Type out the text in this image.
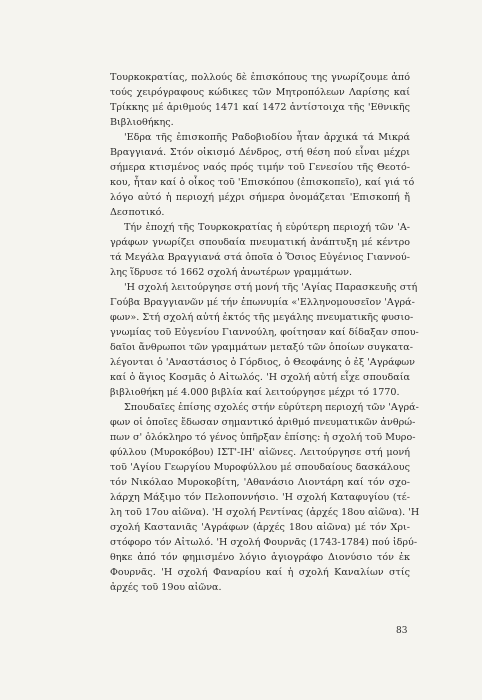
Τουρκοκρατίας, πολλούς δὲ ἐπισκόπους της γνωρίζουμε ἀπό
τούς χειρόγραφους κώδικες τῶν Μητροπόλεων Λαρίσης καί
Τρίκκης μέ ἀριθμούς 1471 καί 1472 ἀντίστοιχα τῆς 'Εθνικῆς
Βιβλιοθήκης.

'Εδρα τῆς ἐπισκοπῆς Ραδοβιοδίου ἦταν ἀρχικά τά Μικρά
Βραγγιανά. Στόν οἰκισμό Δένδρος, στή θέση πού εἶναι μέχρι
σήμερα κτισμένος ναός πρός τιμήν τοῦ Γενεσίου τῆς Θεοτό-
κου, ἦταν καί ὁ οἶκος τοῦ 'Επισκόπου (ἐπισκοπεῖο), καί γιά τό
λόγο αὐτό ἡ περιοχή μέχρι σήμερα ὀνομάζεται 'Επισκοπή ἤ
Δεσποτικό.

Τήν ἐποχή τῆς Τουρκοκρατίας ἡ εὐρύτερη περιοχή τῶν 'Α-
γράφων γνωρίζει σπουδαία πνευματική ἀνάπτυξη μέ κέντρο
τά Μεγάλα Βραγγιανά στά ὁποῖα ὁ Ὅσιος Εὐγένιος Γιαννού-
λης ἵδρυσε τό 1662 σχολή ἀνωτέρων γραμμάτων.

'Η σχολή λειτούργησε στή μονή τῆς 'Αγίας Παρασκευῆς στή
Γούβα Βραγγιανῶν μέ τήν ἐπωνυμία «'Ελληνομουσεῖον 'Αγρά-
φων». Στή σχολή αὐτή ἐκτός τῆς μεγάλης πνευματικῆς φυσιο-
γνωμίας τοῦ Εὐγενίου Γιαννούλη, φοίτησαν καί δίδαξαν σπου-
δαῖοι ἄνθρωποι τῶν γραμμάτων μεταξύ τῶν ὁποίων συγκατα-
λέγονται ὁ 'Αναστάσιος ὁ Γόρδιος, ὁ Θεοφάνης ὁ ἐξ 'Αγράφων
καί ὁ ἅγιος Κοσμᾶς ὁ Αἰτωλός. 'Η σχολή αὐτή εἶχε σπουδαία
βιβλιοθήκη μέ 4.000 βιβλία καί λειτούργησε μέχρι τό 1770.

Σπουδαῖες ἐπίσης σχολές στήν εὐρύτερη περιοχή τῶν 'Αγρά-
φων οἱ ὁποῖες ἔδωσαν σημαντικό ἀριθμό πνευματικῶν ἀνθρώ-
πων σ' ὁλόκληρο τό γένος ὑπῆρξαν ἐπίσης: ἡ σχολή τοῦ Μυρο-
φύλλου (Μυροκόβου) ΙΣΤ'-ΙΗ' αἰῶνες. Λειτούργησε στή μονή
τοῦ 'Αγίου Γεωργίου Μυροφύλλου μέ σπουδαίους δασκάλους
τόν Νικόλαο Μυροκοβίτη, 'Αθανάσιο Λιοντάρη καί τόν σχο-
λάρχη Μάξιμο τόν Πελοποννήσιο. 'Η σχολή Καταφυγίου (τέ-
λη τοῦ 17ου αἰῶνα). 'Η σχολή Ρεντίνας (ἀρχές 18ου αἰῶνα). 'Η
σχολή Καστανιᾶς 'Αγράφων (ἀρχές 18ου αἰῶνα) μέ τόν Χρι-
στόφορο τόν Αἰτωλό. 'Η σχολή Φουρνᾶς (1743-1784) πού ἱδρύ-
θηκε ἀπό τόν φημισμένο λόγιο ἁγιογράφο Διονύσιο τόν ἐκ
Φουρνᾶς. 'Η σχολή Φαναρίου καί ἡ σχολή Καναλίων στίς
ἀρχές τοῦ 19ου αἰῶνα.

83
